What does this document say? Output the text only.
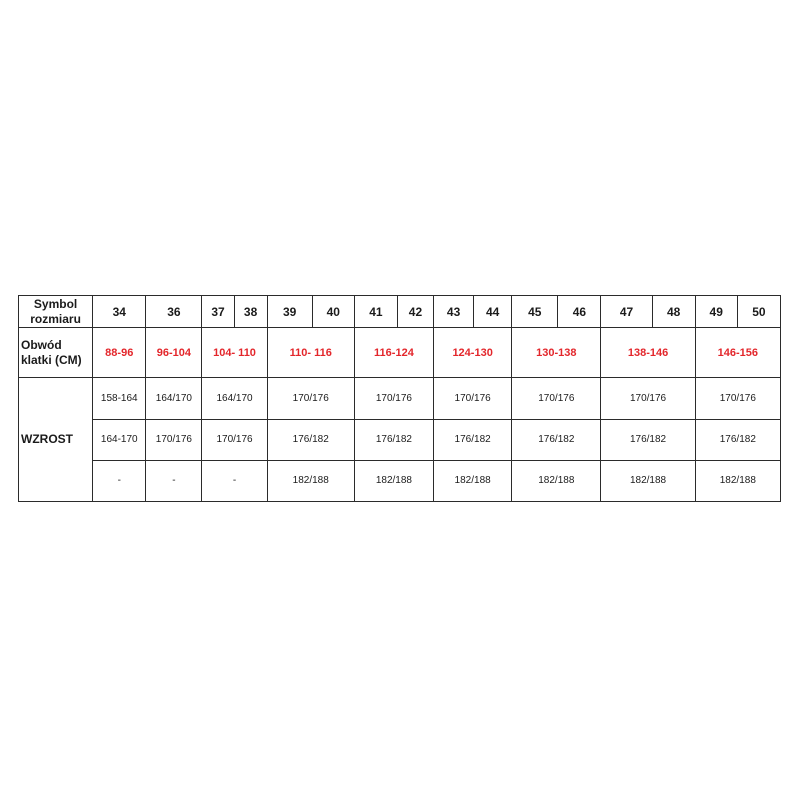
Symbol rozmiaru	34	36	37	38	39	40	41	42	43	44	45	46	47	48	49	50
Obwód klatki (CM)	88-96	96-104	104- 110		110- 116		116-124		124-130		130-138		138-146		146-156	
WZROST	158-164	164/170	164/170		170/176		170/176		170/176		170/176		170/176		170/176	
	164-170	170/176	170/176		176/182		176/182		176/182		176/182		176/182		176/182	
	-	-	-		182/188		182/188		182/188		182/188		182/188		182/188	
